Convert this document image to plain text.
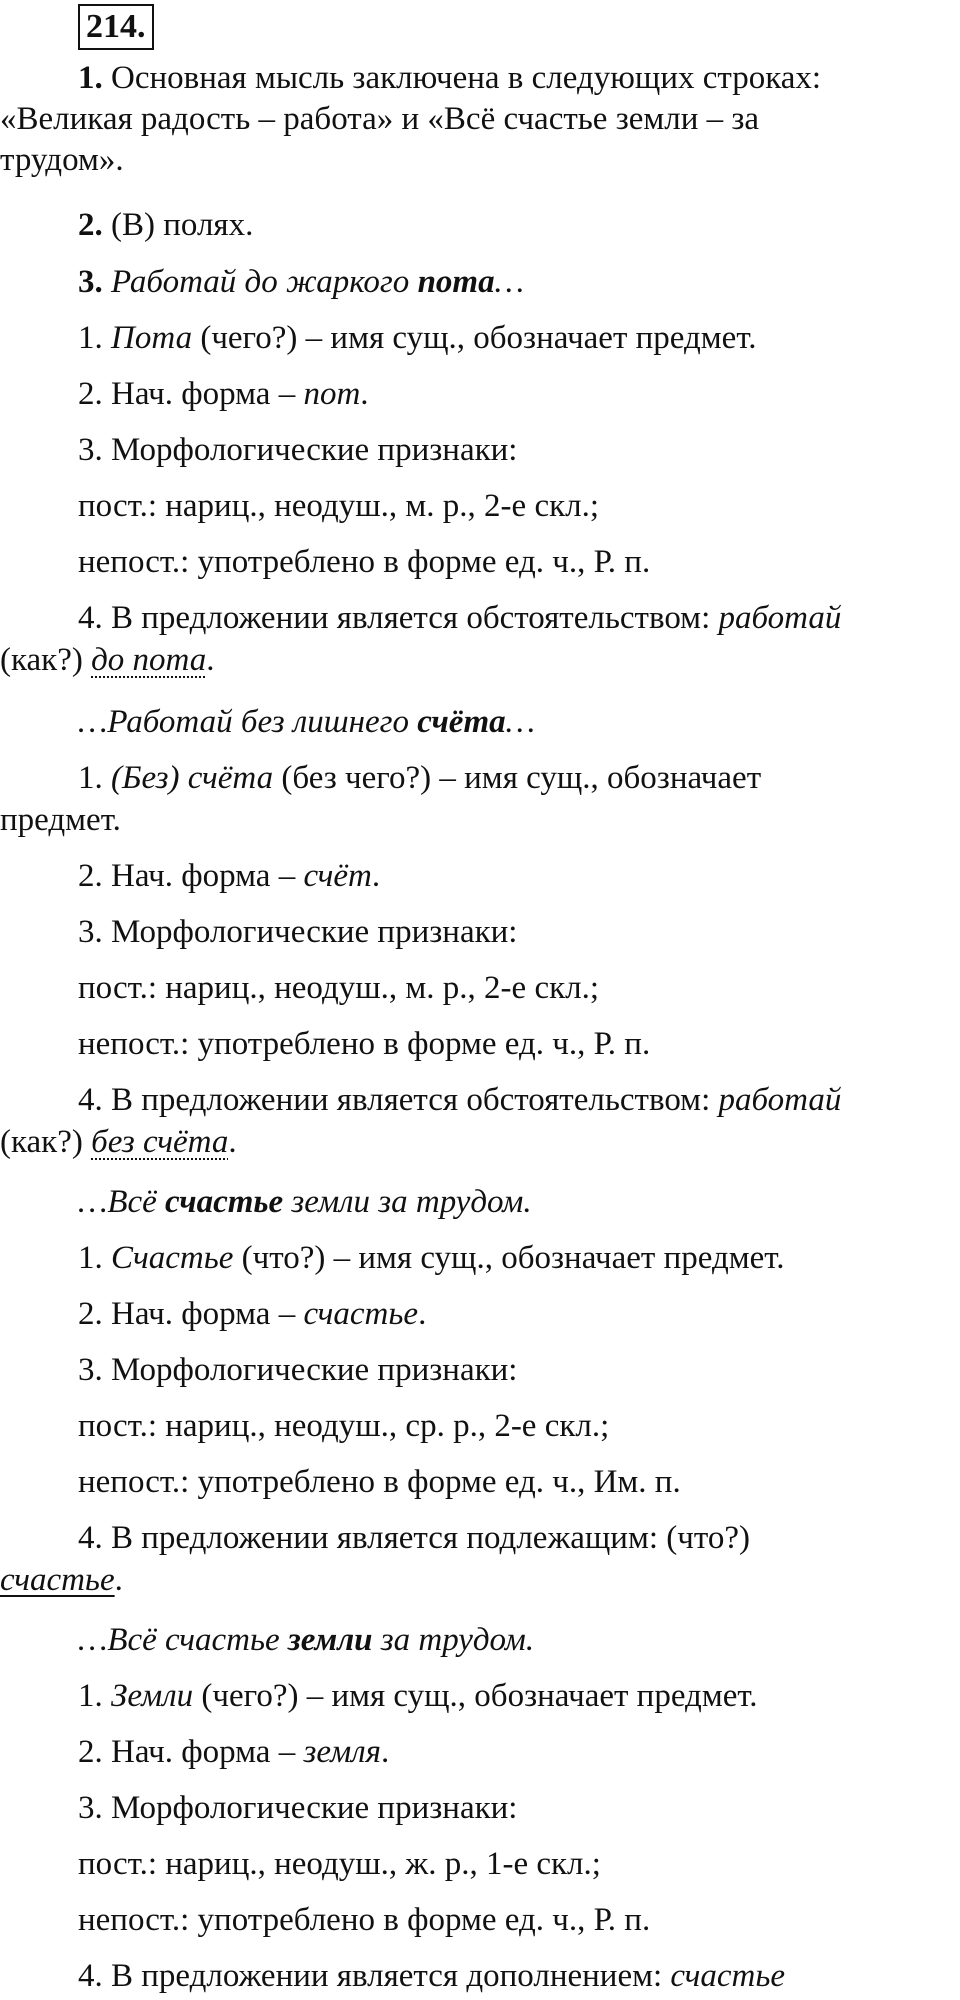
214.
1. Основная мысль заключена в следующих строках:
«Великая радость – работа» и «Всё счастье земли – за
трудом».
2. (В) полях.
3. Работай до жаркого пота…
1. Пота (чего?) – имя сущ., обозначает предмет.
2. Нач. форма – пот.
3. Морфологические признаки:
пост.: нариц., неодуш., м. р., 2-е скл.;
непост.: употреблено в форме ед. ч., Р. п.
4. В предложении является обстоятельством: работай
(как?) до пота.
…Работай без лишнего счёта…
1. (Без) счёта (без чего?) – имя сущ., обозначает
предмет.
2. Нач. форма – счёт.
3. Морфологические признаки:
пост.: нариц., неодуш., м. р., 2-е скл.;
непост.: употреблено в форме ед. ч., Р. п.
4. В предложении является обстоятельством: работай
(как?) без счёта.
…Всё счастье земли за трудом.
1. Счастье (что?) – имя сущ., обозначает предмет.
2. Нач. форма – счастье.
3. Морфологические признаки:
пост.: нариц., неодуш., ср. р., 2-е скл.;
непост.: употреблено в форме ед. ч., Им. п.
4. В предложении является подлежащим: (что?)
счастье.
…Всё счастье земли за трудом.
1. Земли (чего?) – имя сущ., обозначает предмет.
2. Нач. форма – земля.
3. Морфологические признаки:
пост.: нариц., неодуш., ж. р., 1-е скл.;
непост.: употреблено в форме ед. ч., Р. п.
4. В предложении является дополнением: счастье
